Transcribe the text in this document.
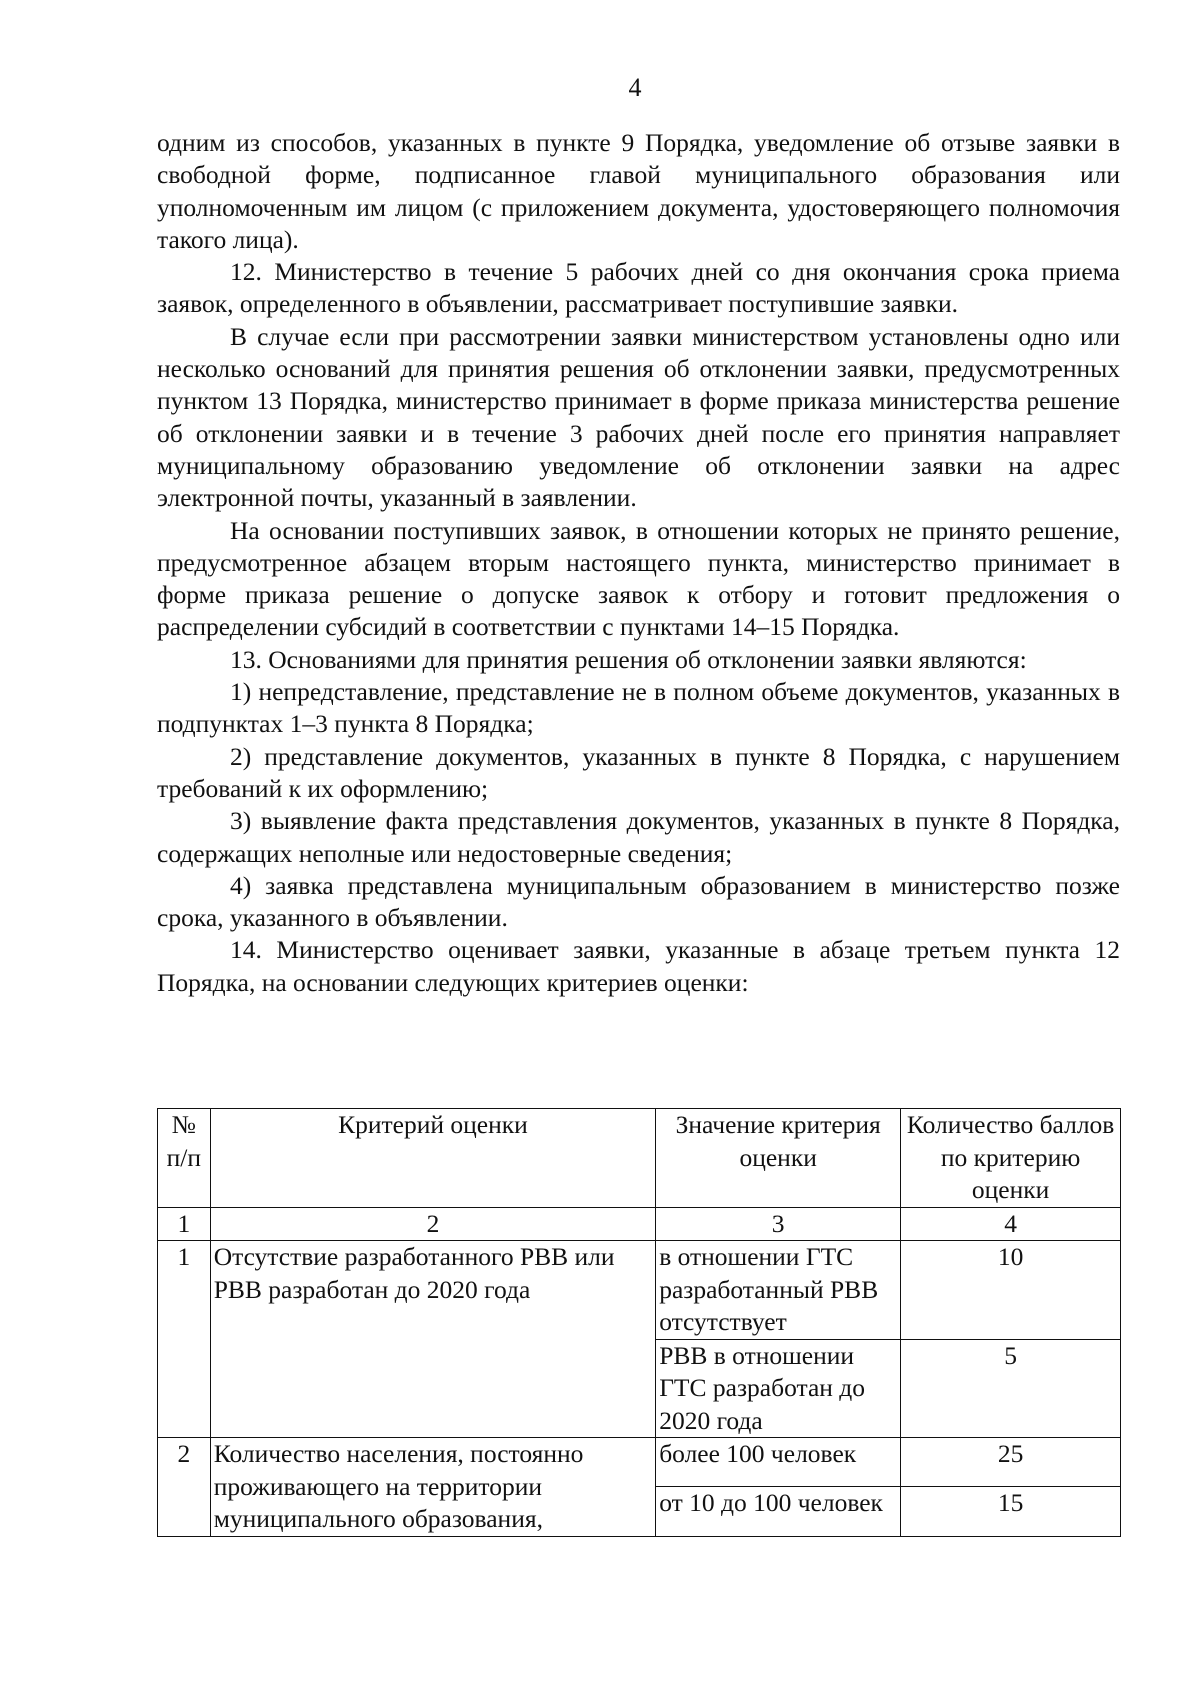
4

одним из способов, указанных в пункте 9 Порядка, уведомление об отзыве заявки в свободной форме, подписанное главой муниципального образования или уполномоченным им лицом (с приложением документа, удостоверяющего полномочия такого лица).

12. Министерство в течение 5 рабочих дней со дня окончания срока приема заявок, определенного в объявлении, рассматривает поступившие заявки.

В случае если при рассмотрении заявки министерством установлены одно или несколько оснований для принятия решения об отклонении заявки, предусмотренных пунктом 13 Порядка, министерство принимает в форме приказа министерства решение об отклонении заявки и в течение 3 рабочих дней после его принятия направляет муниципальному образованию уведомление об отклонении заявки на адрес электронной почты, указанный в заявлении.

На основании поступивших заявок, в отношении которых не принято решение, предусмотренное абзацем вторым настоящего пункта, министерство принимает в форме приказа решение о допуске заявок к отбору и готовит предложения о распределении субсидий в соответствии с пунктами 14–15 Порядка.

13. Основаниями для принятия решения об отклонении заявки являются:

1) непредставление, представление не в полном объеме документов, указанных в подпунктах 1–3 пункта 8 Порядка;

2) представление документов, указанных в пункте 8 Порядка, с нарушением требований к их оформлению;

3) выявление факта представления документов, указанных в пункте 8 Порядка, содержащих неполные или недостоверные сведения;

4) заявка представлена муниципальным образованием в министерство позже срока, указанного в объявлении.

14. Министерство оценивает заявки, указанные в абзаце третьем пункта 12 Порядка, на основании следующих критериев оценки:

№ п/п	Критерий оценки	Значение критерия оценки	Количество баллов по критерию оценки
1	2	3	4
1	Отсутствие разработанного РВВ или РВВ разработан до 2020 года	в отношении ГТС разработанный РВВ отсутствует	10
		РВВ в отношении ГТС разработан до 2020 года	5
2	Количество населения, постоянно проживающего на территории муниципального образования,	более 100 человек	25
		от 10 до 100 человек	15
